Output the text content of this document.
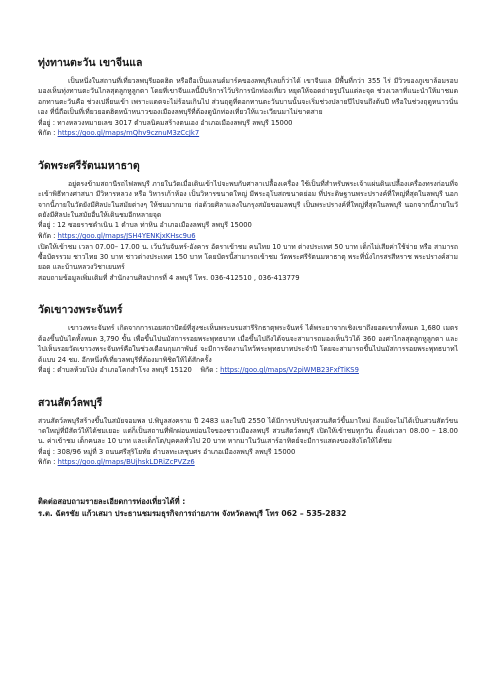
ทุ่งทานตะวัน เขาจีนแล

เป็นหนึ่งในสถานที่เที่ยวลพบุรียอดฮิต หรือถือเป็นแลนด์มาร์คของลพบุรีเลยก็ว่าได้ เขาจีนแล มีพื้นที่กว่า 355 ไร่ มีวิวของภูเขาล้อมรอบ มองเห็นทุ่งทานตะวันไกลสุดลูกหูลูกตา โดยที่เขาจีนแลนี้มีบริการไว้บริการนักท่องเที่ยว หยุดให้จอดถ่ายรูปในแต่ละจุด ช่วงเวลาที่แนะนำให้มาชมดอกทานตะวันคือ ช่วงเปลี่ยนเข้า เพราะแดดจะไม่ร้อนเกินไป ส่วนฤดูที่ดอกทานตะวันบานนั้นจะเริ่มช่วงปลายปีไปจนถึงต้นปี หรือในช่วงฤดูหนาวนั่นเอง ที่นี่ถือเป็นที่เที่ยวยอดฮิตหน้าหนาวของเมืองลพบุรีที่ต้องดูนักท่องเที่ยวให้แวะเวียนมาไม่ขาดสาย

ที่อยู่ : ทางหลวงหมายเลข 3017 ตำบลนิคมสร้างตนเอง อำเภอเมืองลพบุรี ลพบุรี 15000

พิกัด : https://goo.gl/maps/mQhv9cznuM3zCcJk7

วัดพระศรีรัตนมหาธาตุ

อยู่ตรงข้ามสถานีรถไฟลพบุรี ภายในวัดเมื่อเดินเข้าไปจะพบกับศาลาเปลื้องเครื่อง ใช้เป็นที่สำหรับพระเจ้าแผ่นดินเปลื้องเครื่องทรงก่อนที่จะเข้าพิธีทางศาสนา มีวิหารหลวง หรือ วิหารเก้าห้อง เป็นวิหารขนาดใหญ่ มีพระอุโบสถขนาดย่อม ที่ประดิษฐานพระปรางค์ที่ใหญ่ที่สุดในลพบุรี นอกจากนี้ภายในวัดยังมีศิลปะในสมัยต่างๆ ให้ชมมากมาย ก่อด้วยศิลาแลงในกรุงสมัยขอมลพบุรี เป็นพระปรางค์ที่ใหญ่ที่สุดในลพบุรี นอกจากนี้ภายในวัดยังมีศิลปะในสมัยอื่นให้เดินชมอีกหลายจุด

ที่อยู่ : 12 ซอยราชดำเนิน 1 ตำบล ท่าหิน อำเภอเมืองลพบุรี ลพบุรี 15000

พิกัด : https://goo.gl/maps/JSH4YENKjxKHsc9u6

เปิดให้เข้าชม เวลา 07.00– 17.00 น. เว้นวันจันทร์-อังคาร อัตราเข้าชม คนไทย 10 บาท ต่างประเทศ 50 บาท เด็กไม่เสียค่าใช้จ่าย หรือ สามารถซื้อบัตรรวม ชาวไทย 30 บาท ชาวต่างประเทศ 150 บาท โดยบัตรนี้สามารถเข้าชม วัดพระศรีรัตนมหาธาตุ พระที่นั่งไกรสรสีหราช พระปรางค์สามยอด และบ้านหลวงวิชาเยนทร์

สอบถามข้อมูลเพิ่มเติมที่ สำนักงานศิลปากรที่ 4 ลพบุรี โทร. 036-412510 , 036-413779

วัดเขาวงพระจันทร์

เขาวงพระจันทร์ เกิดจากการเอยสถาปัตย์ที่สูงชะเห็นพระบรมสารีริกธาตุพระจันทร์ ได้พระยาจากเชิงเขาถึงยอดเขาทั้งหมด 1,680 เมตร ต้องขึ้นบันไดทั้งหมด 3,790 ขั้น เพื่อขึ้นไปนมัสการรอยพระพุทธบาท เมื่อขึ้นไปถึงได้จนจะสามารถมองเห็นวิวได้ 360 องศาไกลสุดลูกหูลูกตา และไปเห็นรอยวัดเขาวงพระจันทร์คือในช่วงเดือนกุมภาพันธ์ จะมีการจัดงานไหว้พระพุทธบาทประจำปี โดยจะสามารถขึ้นไปนมัสการรอยพระพุทธบาทได้แบบ 24 ชม. อีกหนึ่งที่เที่ยวลพบุรีที่ต้องมาพิชิตให้ได้สักครั้ง

ที่อยู่ : ตำบลห้วยโป่ง อำเภอโคกสำโรง ลพบุรี 15120 พิกัด : https://goo.gl/maps/V2piWMB23FxfTiKS9

สวนสัตว์ลพบุรี

สวนสัตว์ลพบุรีสร้างขึ้นในสมัยจอมพล ป.พิบูลสงคราม ปี 2483 และในปี 2550 ได้มีการปรับปรุงสวนสัตว์ขึ้นมาใหม่ ถึงแม้จะไม่ได้เป็นสวนสัตว์ขนาดใหญ่ที่มีสัตว์ให้ได้ชมเยอะ แต่ก็เป็นสถานที่พักผ่อนหย่อนใจของชาวเมืองลพบุรี สวนสัตว์ลพบุรี เปิดให้เข้าชมทุกวัน ตั้งแต่เวลา 08.00 – 18.00 น. ค่าเข้าชม เด็กคนละ 10 บาท และเด็กโต/บุคคลทั่วไป 20 บาท หากมาในวันเสาร์อาทิตย์จะมีการแสดงของสิงโตให้ได้ชม

ที่อยู่ : 308/96 หมู่ที่ 3 ถนนศรีสุริโยทัย ตำบลทะเลชุบศร อำเภอเมืองลพบุรี ลพบุรี 15000

พิกัด : https://goo.gl/maps/BUjhskLDRiZcPVZz6

ติดต่อสอบถามรายละเอียดการท่องเที่ยวได้ที่ :

ร.ต. ฉัตรชัย แก้วเสมา ประธานชมรมธุรกิจการถ่ายภาพ จังหวัดลพบุรี โทร 062 – 535-2832
